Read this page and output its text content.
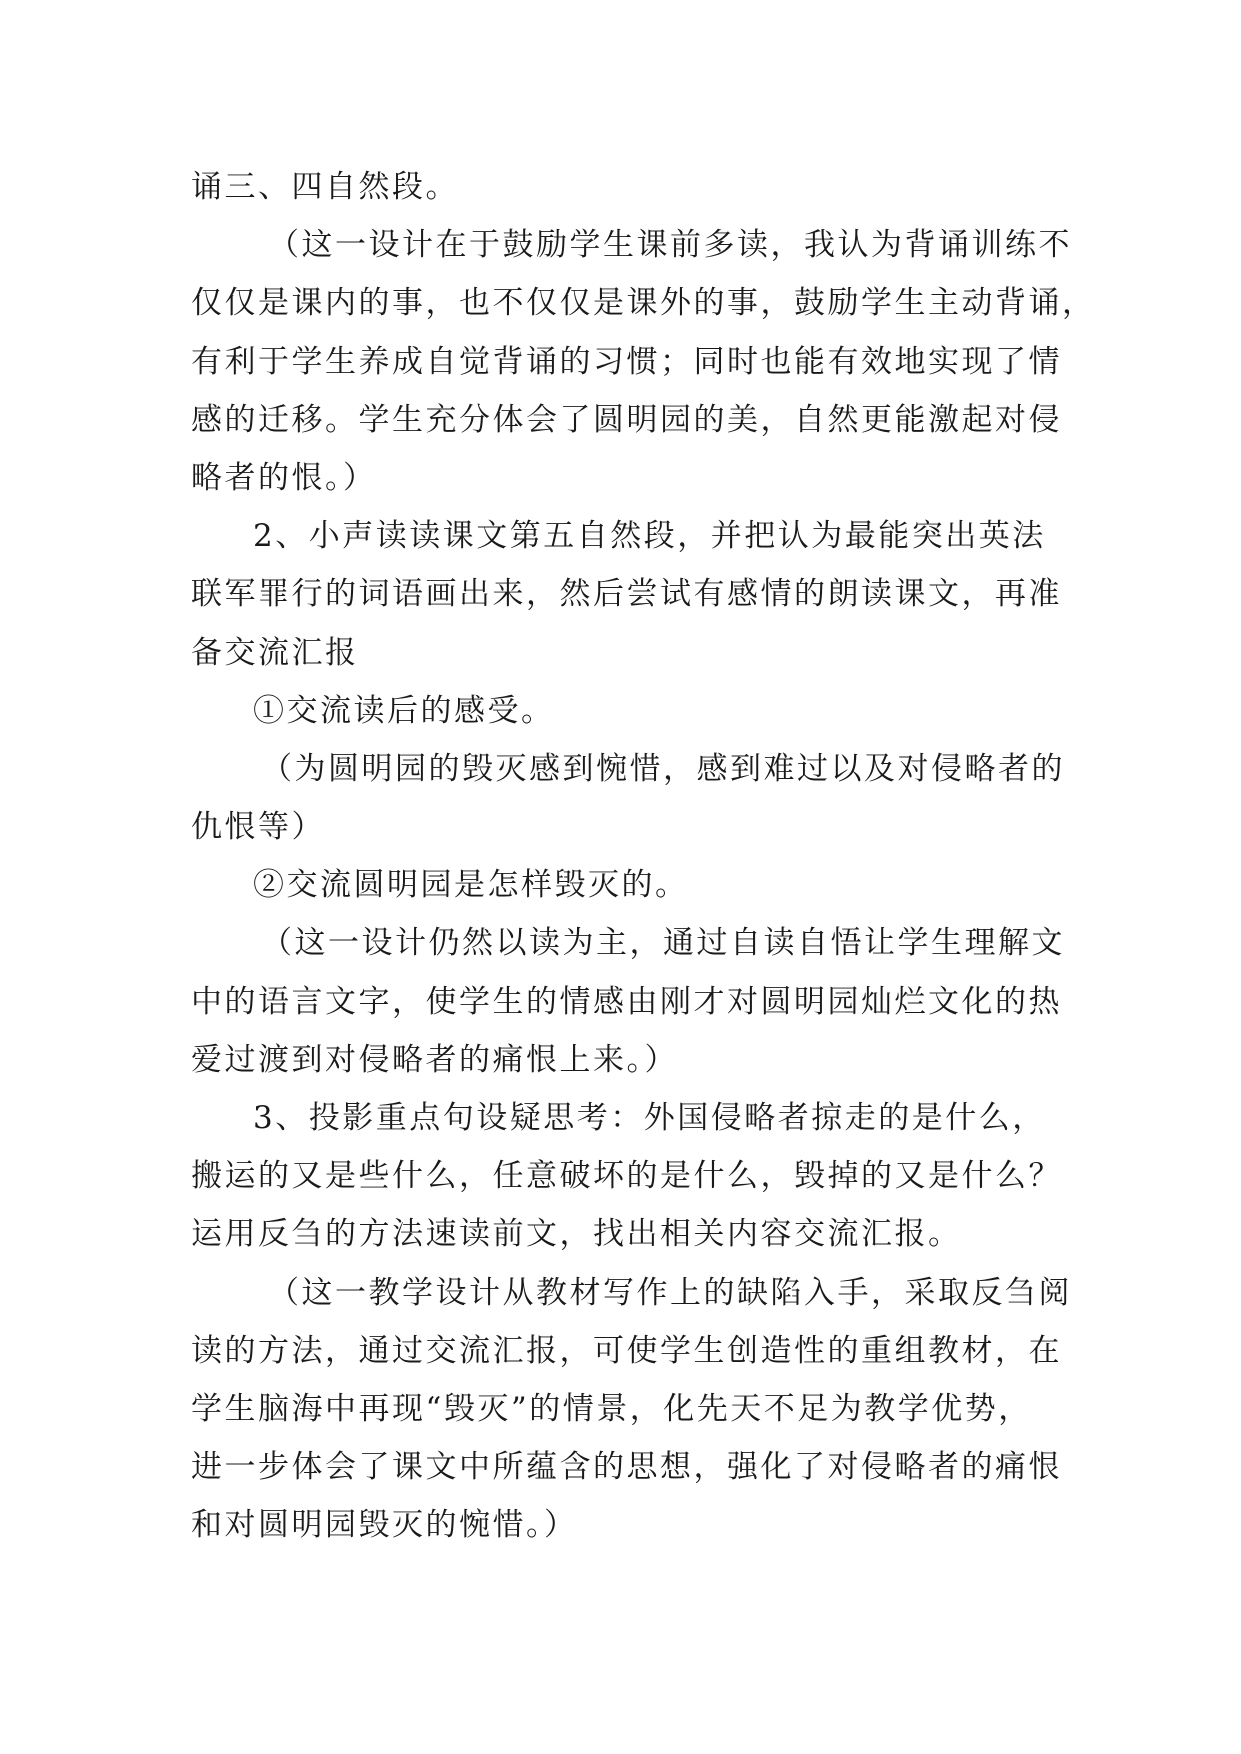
诵三、四自然段。
（这一设计在于鼓励学生课前多读，我认为背诵训练不
仅仅是课内的事，也不仅仅是课外的事，鼓励学生主动背诵，
有利于学生养成自觉背诵的习惯；同时也能有效地实现了情
感的迁移。学生充分体会了圆明园的美，自然更能激起对侵
略者的恨。）
2、小声读读课文第五自然段，并把认为最能突出英法
联军罪行的词语画出来，然后尝试有感情的朗读课文，再准
备交流汇报
①交流读后的感受。
（为圆明园的毁灭感到惋惜，感到难过以及对侵略者的
仇恨等）
②交流圆明园是怎样毁灭的。
（这一设计仍然以读为主，通过自读自悟让学生理解文
中的语言文字，使学生的情感由刚才对圆明园灿烂文化的热
爱过渡到对侵略者的痛恨上来。）
3、投影重点句设疑思考：外国侵略者掠走的是什么，
搬运的又是些什么，任意破坏的是什么，毁掉的又是什么？
运用反刍的方法速读前文，找出相关内容交流汇报。
（这一教学设计从教材写作上的缺陷入手，采取反刍阅
读的方法，通过交流汇报，可使学生创造性的重组教材，在
学生脑海中再现“毁灭”的情景，化先天不足为教学优势，
进一步体会了课文中所蕴含的思想，强化了对侵略者的痛恨
和对圆明园毁灭的惋惜。）
